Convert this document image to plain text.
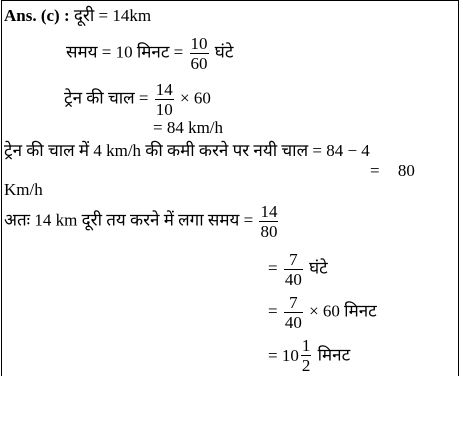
Ans. (c) : दूरी = 14km
समय = 10 मिनट = $\frac{10}{60}$ घंटे
ट्रेन की चाल = $\frac{14}{10} \times 60$
= 84 km/h
ट्रेन की चाल में 4 km/h की कमी करने पर नयी चाल = 84 − 4
= 80
Km/h
अतः 14 km दूरी तय करने में लगा समय = $\frac{14}{80}$
= $\frac{7}{40}$ घंटे
= $\frac{7}{40} \times 60$ मिनट
= $10 \frac{1}{2}$ मिनट
